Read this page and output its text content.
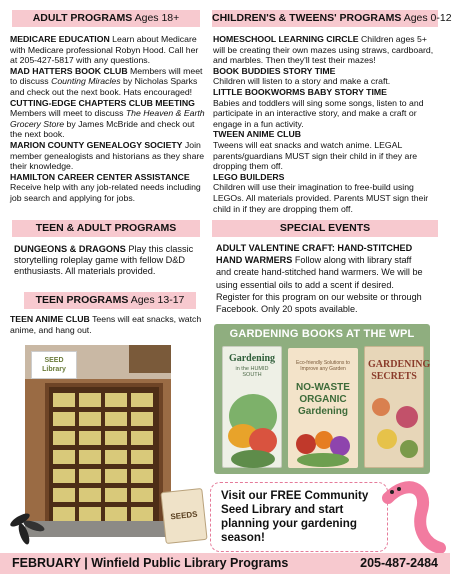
ADULT PROGRAMS Ages 18+
MEDICARE EDUCATION Learn about Medicare with Medicare professional Robyn Hood. Call her at 205-427-5817 with any questions.
MAD HATTERS BOOK CLUB Members will meet to discuss Counting Miracles by Nicholas Sparks and check out the next book. Hats encouraged!
CUTTING-EDGE CHAPTERS CLUB MEETING Members will meet to discuss The Heaven & Earth Grocery Store by James McBride and check out the next book.
MARION COUNTY GENEALOGY SOCIETY Join member genealogists and historians as they share their knowledge.
HAMILTON CAREER CENTER ASSISTANCE Receive help with any job-related needs including job search and applying for jobs.
CHILDREN'S & TWEENS' PROGRAMS Ages 0-12
HOMESCHOOL LEARNING CIRCLE Children ages 5+ will be creating their own mazes using straws, cardboard, and marbles. Then they'll test their mazes!
BOOK BUDDIES STORY TIME
Children will listen to a story and make a craft.
LITTLE BOOKWORMS BABY STORY TIME
Babies and toddlers will sing some songs, listen to and participate in an interactive story, and make a craft or engage in a fun activity.
TWEEN ANIME CLUB
Tweens will eat snacks and watch anime. LEGAL parents/guardians MUST sign their child in if they are dropping them off.
LEGO BUILDERS
Children will use their imagination to free-build using LEGOs. All materials provided. Parents MUST sign their child in if they are dropping them off.
TEEN & ADULT PROGRAMS
DUNGEONS & DRAGONS Play this classic storytelling roleplay game with fellow D&D enthusiasts. All materials provided.
TEEN PROGRAMS Ages 13-17
TEEN ANIME CLUB Teens will eat snacks, watch anime, and hang out.
SPECIAL EVENTS
ADULT VALENTINE CRAFT: HAND-STITCHED HAND WARMERS Follow along with library staff and create hand-stitched hand warmers. We will be using essential oils to add a scent if desired. Register for this program on our website or through Facebook. Only 20 spots available.
SEED Library
GARDENING BOOKS AT THE WPL
Gardening
in the HUMID SOUTH
Eco-friendly Solutions to Improve any Garden
NO-WASTE ORGANIC Gardening
GARDENING SECRETS
SEEDS
Visit our FREE Community Seed Library and start planning your gardening season!
FEBRUARY | Winfield Public Library Programs	205-487-2484
